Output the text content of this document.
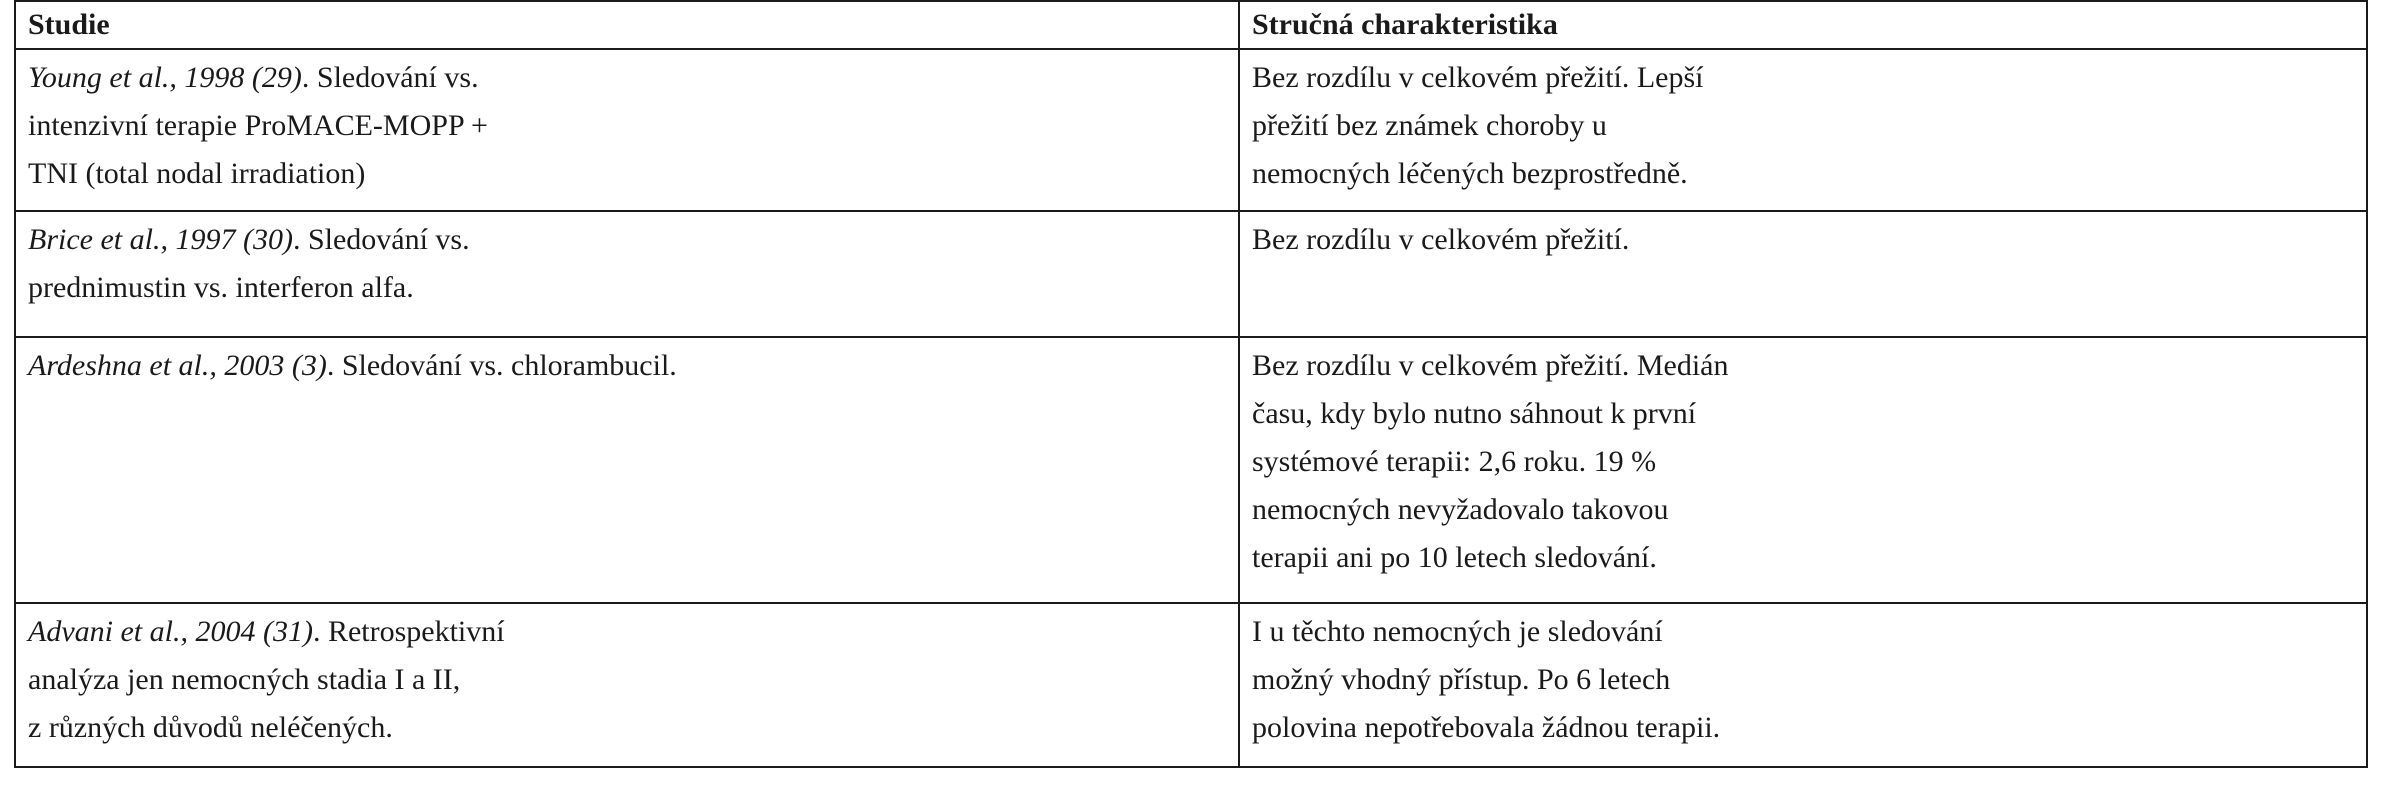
Studie	Stručná charakteristika

Young et al., 1998 (29). Sledování vs.
intenzivní terapie ProMACE-MOPP +
TNI (total nodal irradiation)	Bez rozdílu v celkovém přežití. Lepší
přežití bez známek choroby u
nemocných léčených bezprostředně.

Brice et al., 1997 (30). Sledování vs.
prednimustin vs. interferon alfa.	Bez rozdílu v celkovém přežití.

Ardeshna et al., 2003 (3). Sledování vs. chlorambucil.	Bez rozdílu v celkovém přežití. Medián
času, kdy bylo nutno sáhnout k první
systémové terapii: 2,6 roku. 19 %
nemocných nevyžadovalo takovou
terapii ani po 10 letech sledování.

Advani et al., 2004 (31). Retrospektivní
analýza jen nemocných stadia I a II,
z různých důvodů neléčených.	I u těchto nemocných je sledování
možný vhodný přístup. Po 6 letech
polovina nepotřebovala žádnou terapii.
